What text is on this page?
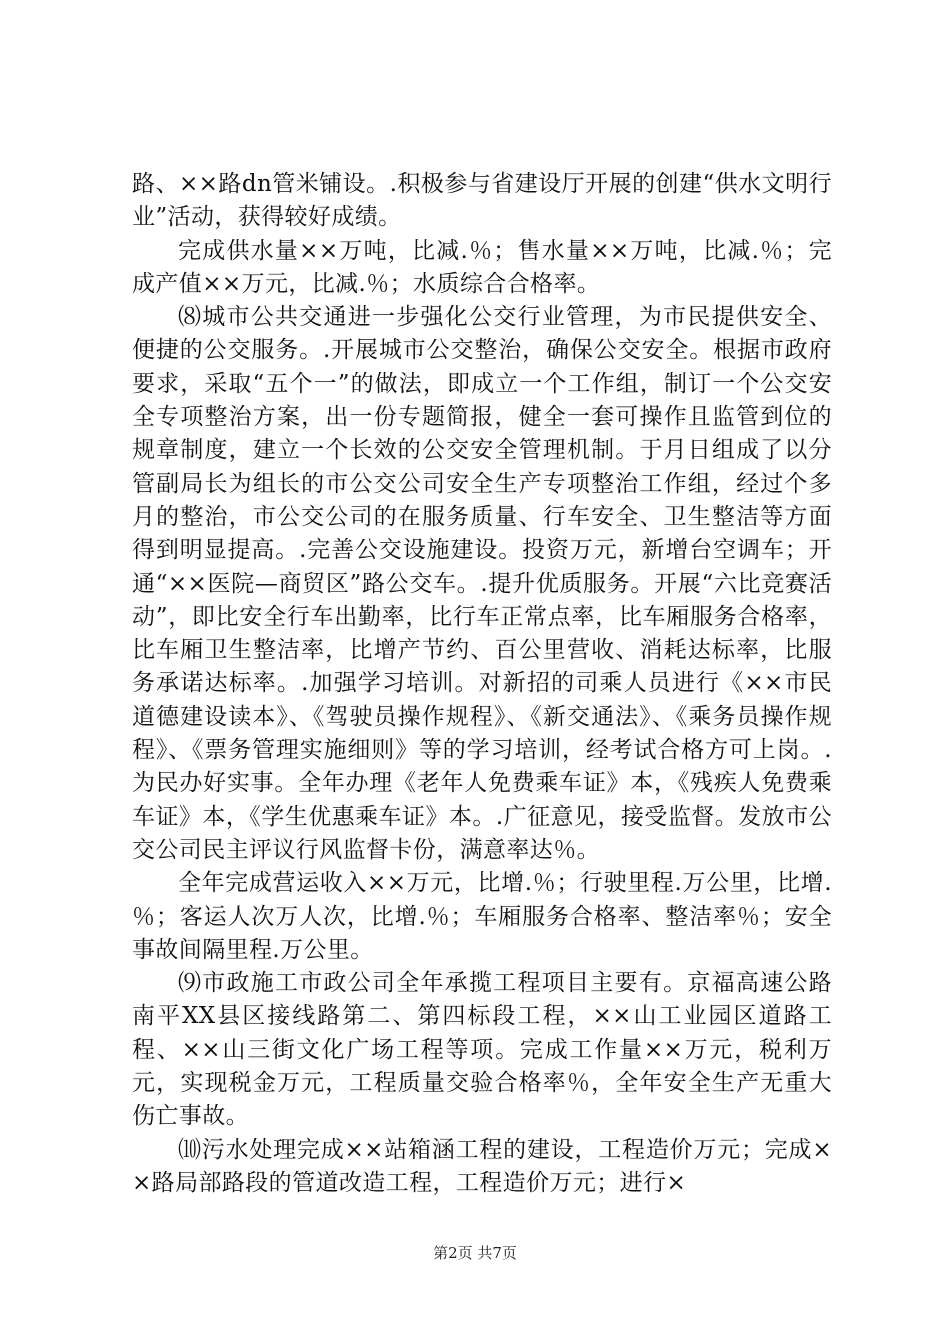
路、××路dn管米铺设。.积极参与省建设厅开展的创建“供水文明行业”活动，获得较好成绩。

完成供水量××万吨，比减.％；售水量××万吨，比减.％；完成产值××万元，比减.％；水质综合合格率。

⑻城市公共交通进一步强化公交行业管理，为市民提供安全、便捷的公交服务。.开展城市公交整治，确保公交安全。根据市政府要求，采取“五个一”的做法，即成立一个工作组，制订一个公交安全专项整治方案，出一份专题简报，健全一套可操作且监管到位的规章制度，建立一个长效的公交安全管理机制。于月日组成了以分管副局长为组长的市公交公司安全生产专项整治工作组，经过个多月的整治，市公交公司的在服务质量、行车安全、卫生整洁等方面得到明显提高。.完善公交设施建设。投资万元，新增台空调车；开通“××医院—商贸区”路公交车。.提升优质服务。开展“六比竞赛活动”，即比安全行车出勤率，比行车正常点率，比车厢服务合格率，比车厢卫生整洁率，比增产节约、百公里营收、消耗达标率，比服务承诺达标率。.加强学习培训。对新招的司乘人员进行《××市民道德建设读本》、《驾驶员操作规程》、《新交通法》、《乘务员操作规程》、《票务管理实施细则》等的学习培训，经考试合格方可上岗。.为民办好实事。全年办理《老年人免费乘车证》本，《残疾人免费乘车证》本，《学生优惠乘车证》本。.广征意见，接受监督。发放市公交公司民主评议行风监督卡份，满意率达％。

全年完成营运收入××万元，比增.％；行驶里程.万公里，比增.％；客运人次万人次，比增.％；车厢服务合格率、整洁率％；安全事故间隔里程.万公里。

⑼市政施工市政公司全年承揽工程项目主要有。京福高速公路南平XX县区接线路第二、第四标段工程，××山工业园区道路工程、××山三街文化广场工程等项。完成工作量××万元，税利万元，实现税金万元，工程质量交验合格率％，全年安全生产无重大伤亡事故。

⑽污水处理完成××站箱涵工程的建设，工程造价万元；完成××路局部路段的管道改造工程，工程造价万元；进行×

第2页 共7页
